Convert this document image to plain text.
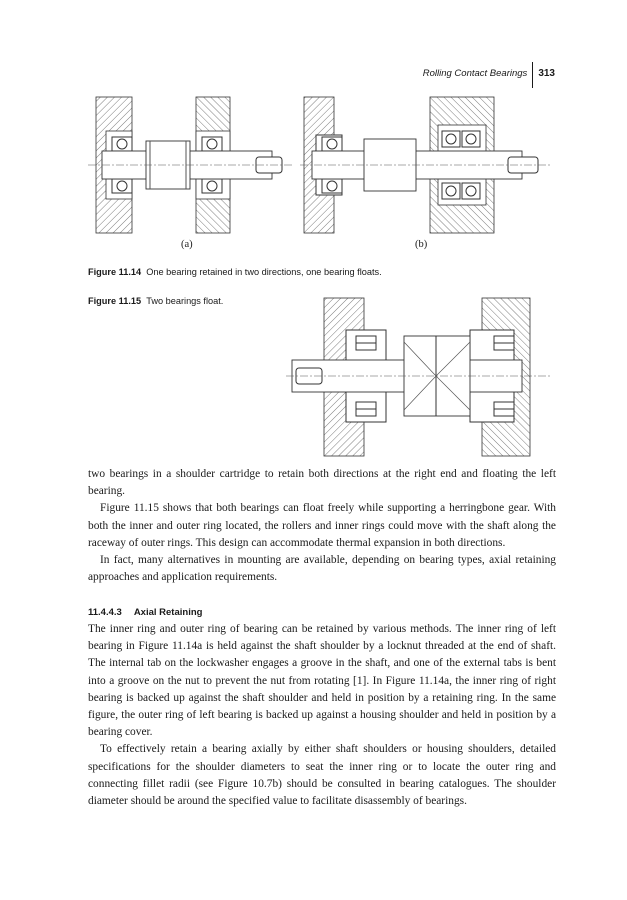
Rolling Contact Bearings	313
(a)	(b)
Figure 11.14 One bearing retained in two directions, one bearing floats.
Figure 11.15 Two bearings float.

two bearings in a shoulder cartridge to retain both directions at the right end and floating the left bearing.

Figure 11.15 shows that both bearings can float freely while supporting a herringbone gear. With both the inner and outer ring located, the rollers and inner rings could move with the shaft along the raceway of outer rings. This design can accommodate thermal expansion in both directions.

In fact, many alternatives in mounting are available, depending on bearing types, axial retaining approaches and application requirements.

11.4.4.3 Axial Retaining

The inner ring and outer ring of bearing can be retained by various methods. The inner ring of left bearing in Figure 11.14a is held against the shaft shoulder by a locknut threaded at the end of shaft. The internal tab on the lockwasher engages a groove in the shaft, and one of the external tabs is bent into a groove on the nut to prevent the nut from rotating [1]. In Figure 11.14a, the inner ring of right bearing is backed up against the shaft shoulder and held in position by a retaining ring. In the same figure, the outer ring of left bearing is backed up against a housing shoulder and held in position by a bearing cover.

To effectively retain a bearing axially by either shaft shoulders or housing shoulders, detailed specifications for the shoulder diameters to seat the inner ring or to locate the outer ring and connecting fillet radii (see Figure 10.7b) should be consulted in bearing catalogues. The shoulder diameter should be around the specified value to facilitate disassembly of bearings.
